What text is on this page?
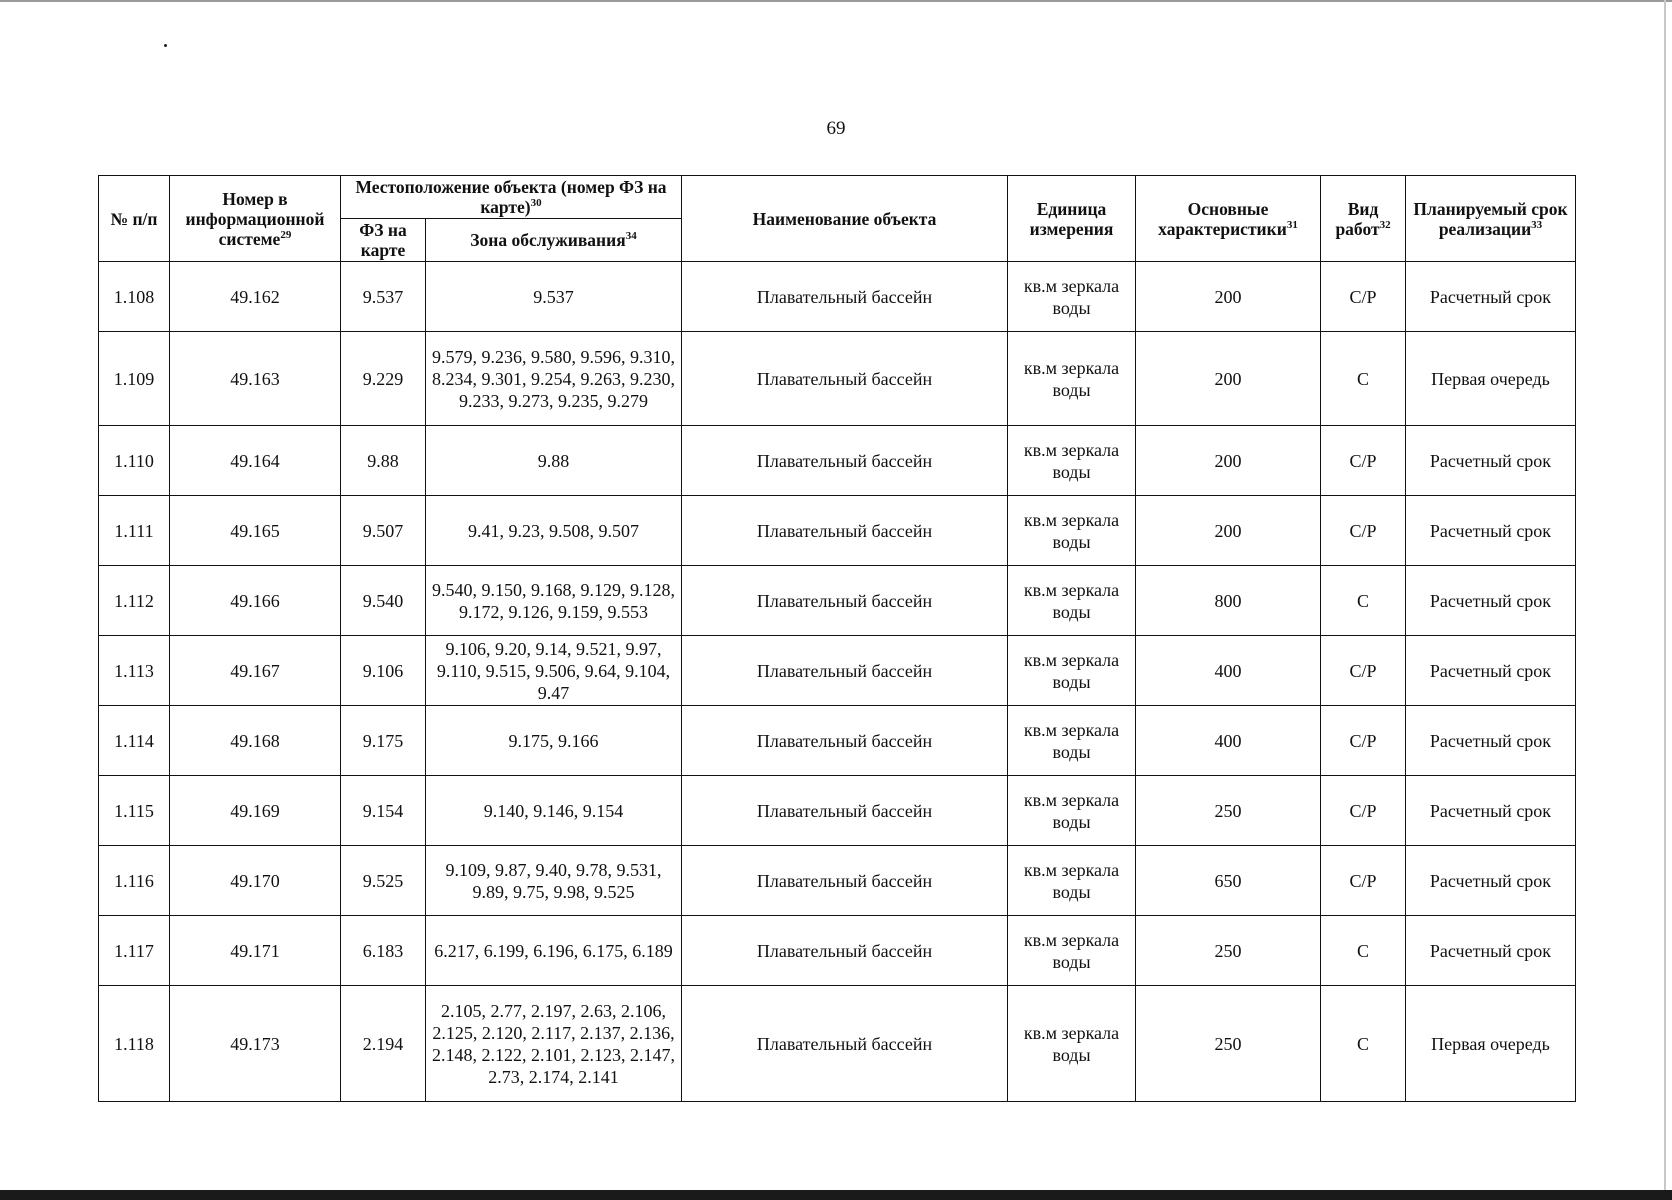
69
№ п/п	Номер в информационной системе$^{29}$	Местоположение объекта (номер ФЗ на карте)$^{30}$		Наименование объекта	Единица измерения	Основные характеристики$^{31}$	Вид работ$^{32}$	Планируемый срок реализации$^{33}$
		ФЗ на карте	Зона обслуживания$^{34}$
1.108	49.162	9.537	9.537	Плавательный бассейн	кв.м зеркала воды	200	С/Р	Расчетный срок
1.109	49.163	9.229	9.579, 9.236, 9.580, 9.596, 9.310, 8.234, 9.301, 9.254, 9.263, 9.230, 9.233, 9.273, 9.235, 9.279	Плавательный бассейн	кв.м зеркала воды	200	С	Первая очередь
1.110	49.164	9.88	9.88	Плавательный бассейн	кв.м зеркала воды	200	С/Р	Расчетный срок
1.111	49.165	9.507	9.41, 9.23, 9.508, 9.507	Плавательный бассейн	кв.м зеркала воды	200	С/Р	Расчетный срок
1.112	49.166	9.540	9.540, 9.150, 9.168, 9.129, 9.128, 9.172, 9.126, 9.159, 9.553	Плавательный бассейн	кв.м зеркала воды	800	С	Расчетный срок
1.113	49.167	9.106	9.106, 9.20, 9.14, 9.521, 9.97, 9.110, 9.515, 9.506, 9.64, 9.104, 9.47	Плавательный бассейн	кв.м зеркала воды	400	С/Р	Расчетный срок
1.114	49.168	9.175	9.175, 9.166	Плавательный бассейн	кв.м зеркала воды	400	С/Р	Расчетный срок
1.115	49.169	9.154	9.140, 9.146, 9.154	Плавательный бассейн	кв.м зеркала воды	250	С/Р	Расчетный срок
1.116	49.170	9.525	9.109, 9.87, 9.40, 9.78, 9.531, 9.89, 9.75, 9.98, 9.525	Плавательный бассейн	кв.м зеркала воды	650	С/Р	Расчетный срок
1.117	49.171	6.183	6.217, 6.199, 6.196, 6.175, 6.189	Плавательный бассейн	кв.м зеркала воды	250	С	Расчетный срок
1.118	49.173	2.194	2.105, 2.77, 2.197, 2.63, 2.106, 2.125, 2.120, 2.117, 2.137, 2.136, 2.148, 2.122, 2.101, 2.123, 2.147, 2.73, 2.174, 2.141	Плавательный бассейн	кв.м зеркала воды	250	С	Первая очередь
